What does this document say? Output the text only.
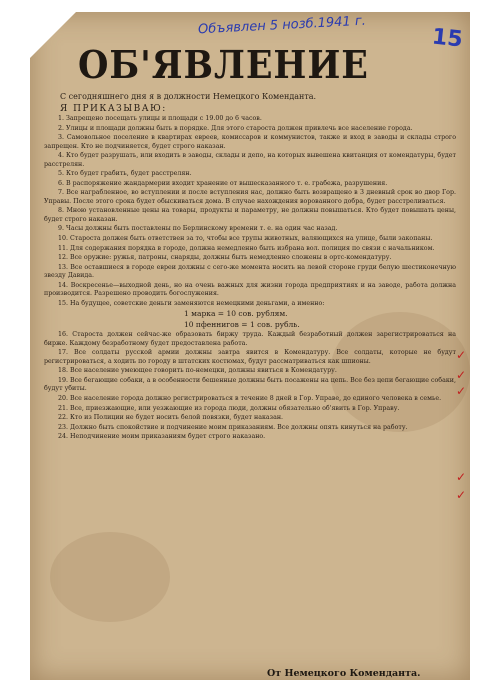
Объявлен 5 нозб.1941 г.	15
ОБ'ЯВЛЕНИЕ
С сегодняшнего дня я в должности Немецкого Коменданта.
Я ПРИКАЗЫВАЮ:

1. Запрещено посещать улицы и площади с 19.00 до 6 часов.

2. Улицы и площади должны быть в порядке. Для этого староста должен привлечь все население города.

3. Самовольное поселение в квартирах евреев, комиссаров и коммунистов, также и вход в заводы и склады строго запрещен. Кто не подчиняется, будет строго наказан.

4. Кто будет разрушать, или входить в заводы, склады и депо, на которых вывешена квитанция от комендатуры, будет расстрелян.

5. Кто будет грабить, будет расстрелян.

6. В распоряжение жандармерии входит хранение от вышесказанного т. е. грабежа, разрушения.

7. Все награбленное, во вступлении и после вступления нас, должно быть возвращено в 3 дневный срок во двор Гор. Управы. После этого срока будет обыскиваться дома. В случае нахождения ворованного добра, будет расстреливаться.

8. Мною установленные цены на товары, продукты и параметру, не должны повышаться. Кто будет повышать цены, будет строго наказан.

9. Часы должны быть поставлены по Берлинскому времени т. е. на один час назад.

10. Староста должен быть ответствен за то, чтобы все трупы животных, валяющихся на улице, были закопаны.

11. Для содержания порядка в городе, должна немедленно быть избрана вол. полиция по связи с начальником.

12. Все оружие: ружья, патроны, снаряды, должны быть немедленно сложены в ортс-комендатуру.

13. Все оставшиеся в городе евреи должны с сего-же момента носить на левой стороне груди белую шестиконечную звезду Давида.

14. Воскресенье—выходной день, но на очень важных для жизни города предприятиях и на заводе, работа должна производится. Разрешено проводить богослужения.

15. На будущее, советские деньги заменяются немецкими деньгами, а именно:

1 марка = 10 сов. рублям.

10 пфеннигов = 1 сов. рубль.

16. Староста должен сейчас-же образовать биржу труда. Каждый безработный должен зарегистрироваться на бирже. Каждому безработному будет предоставлена работа.

17. Все солдаты русской армии должны завтра явится в Комендатуру. Все солдаты, которые не будут регистрироваться, а ходить по городу в штатских костюмах, будут рассматриваться как шпионы.

18. Все население умеющее говорить по-немецки, должны явиться в Комендатуру.

19. Все бегающие собаки, а в особенности бешенные должны быть посажены на цепь. Все без цепи бегающие собаки, будут убиты.

20. Все население города должно регистрироваться в течение 8 дней в Гор. Управе, до единого человека в семье.

21. Все, приезжающие, или уезжающие из города люди, должны обязательно об'явить в Гор. Управу.

22. Кто из Полиции не будет носить белой повязки, будет наказан.

23. Должно быть спокойствие и подчинение моим приказаниям. Все должны опять кинуться на работу.

24. Неподчинение моим приказаниям будет строго наказано.

✓
✓
✓
✓
✓
От Немецкого Коменданта.
